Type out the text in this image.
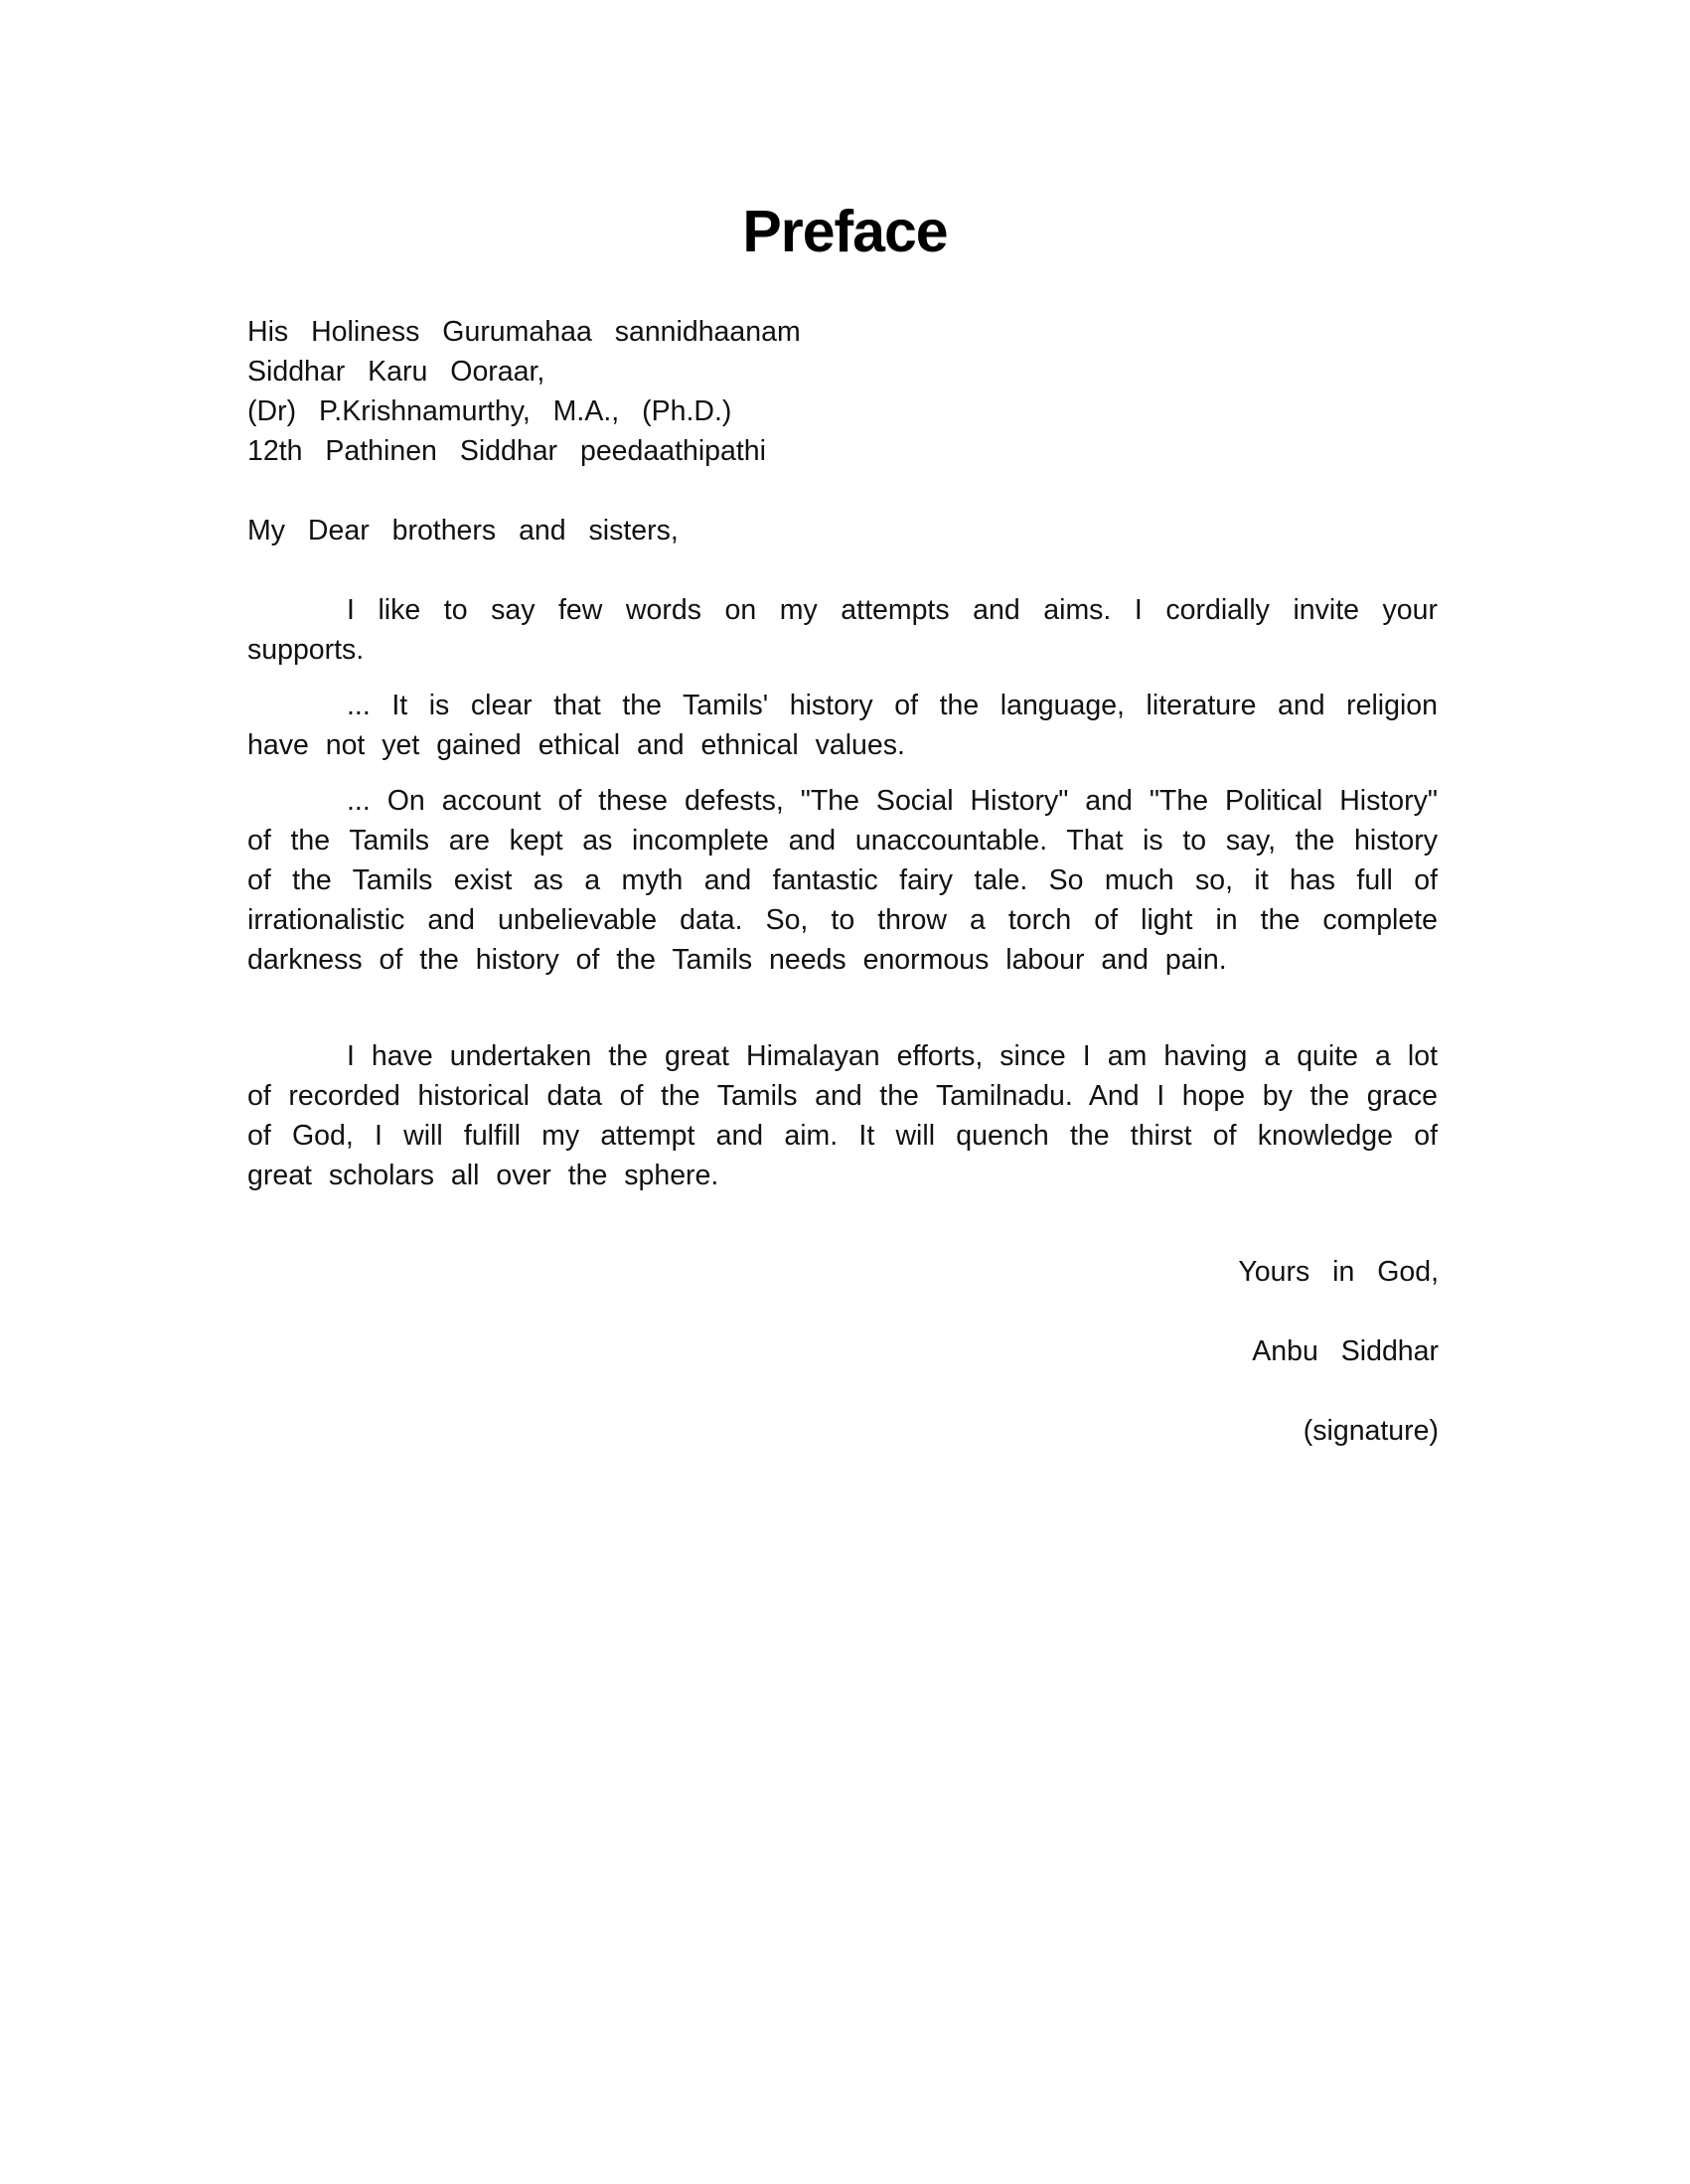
Preface
His Holiness Gurumahaa sannidhaanam
Siddhar Karu Ooraar,
(Dr) P.Krishnamurthy, M.A., (Ph.D.)
12th Pathinen Siddhar peedaathipathi
My Dear brothers and sisters,

I like to say few words on my attempts and aims. I cordially invite your supports.

... It is clear that the Tamils' history of the language, literature and religion have not yet gained ethical and ethnical values.

... On account of these defests, "The Social History" and "The Political History" of the Tamils are kept as incomplete and unaccountable. That is to say, the history of the Tamils exist as a myth and fantastic fairy tale. So much so, it has full of irrationalistic and unbelievable data. So, to throw a torch of light in the complete darkness of the history of the Tamils needs enormous labour and pain.

I have undertaken the great Himalayan efforts, since I am having a quite a lot of recorded historical data of the Tamils and the Tamilnadu. And I hope by the grace of God, I will fulfill my attempt and aim. It will quench the thirst of knowledge of great scholars all over the sphere.

Yours in God,
Anbu Siddhar
(signature)
